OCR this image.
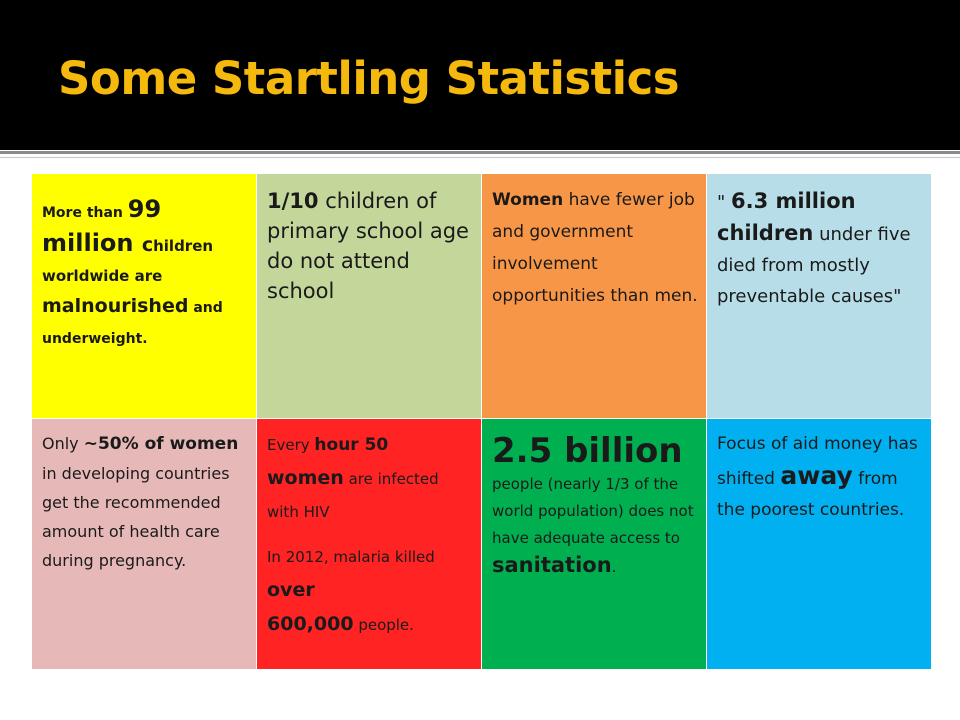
Some Startling Statistics

More than 99
million children worldwide are malnourished and underweight.

1/10 children of primary school age do not attend school

Women have fewer job and government involvement opportunities than men.

" 6.3 million children under five died from mostly preventable causes"

Only ~50% of women in developing countries get the recommended amount of health care during pregnancy.

Every hour 50
women are infected with HIV

In 2012, malaria killed over
600,000 people.

2.5 billion

people (nearly 1/3 of the world population) does not have adequate access to sanitation.

Focus of aid money has shifted away from the poorest countries.
